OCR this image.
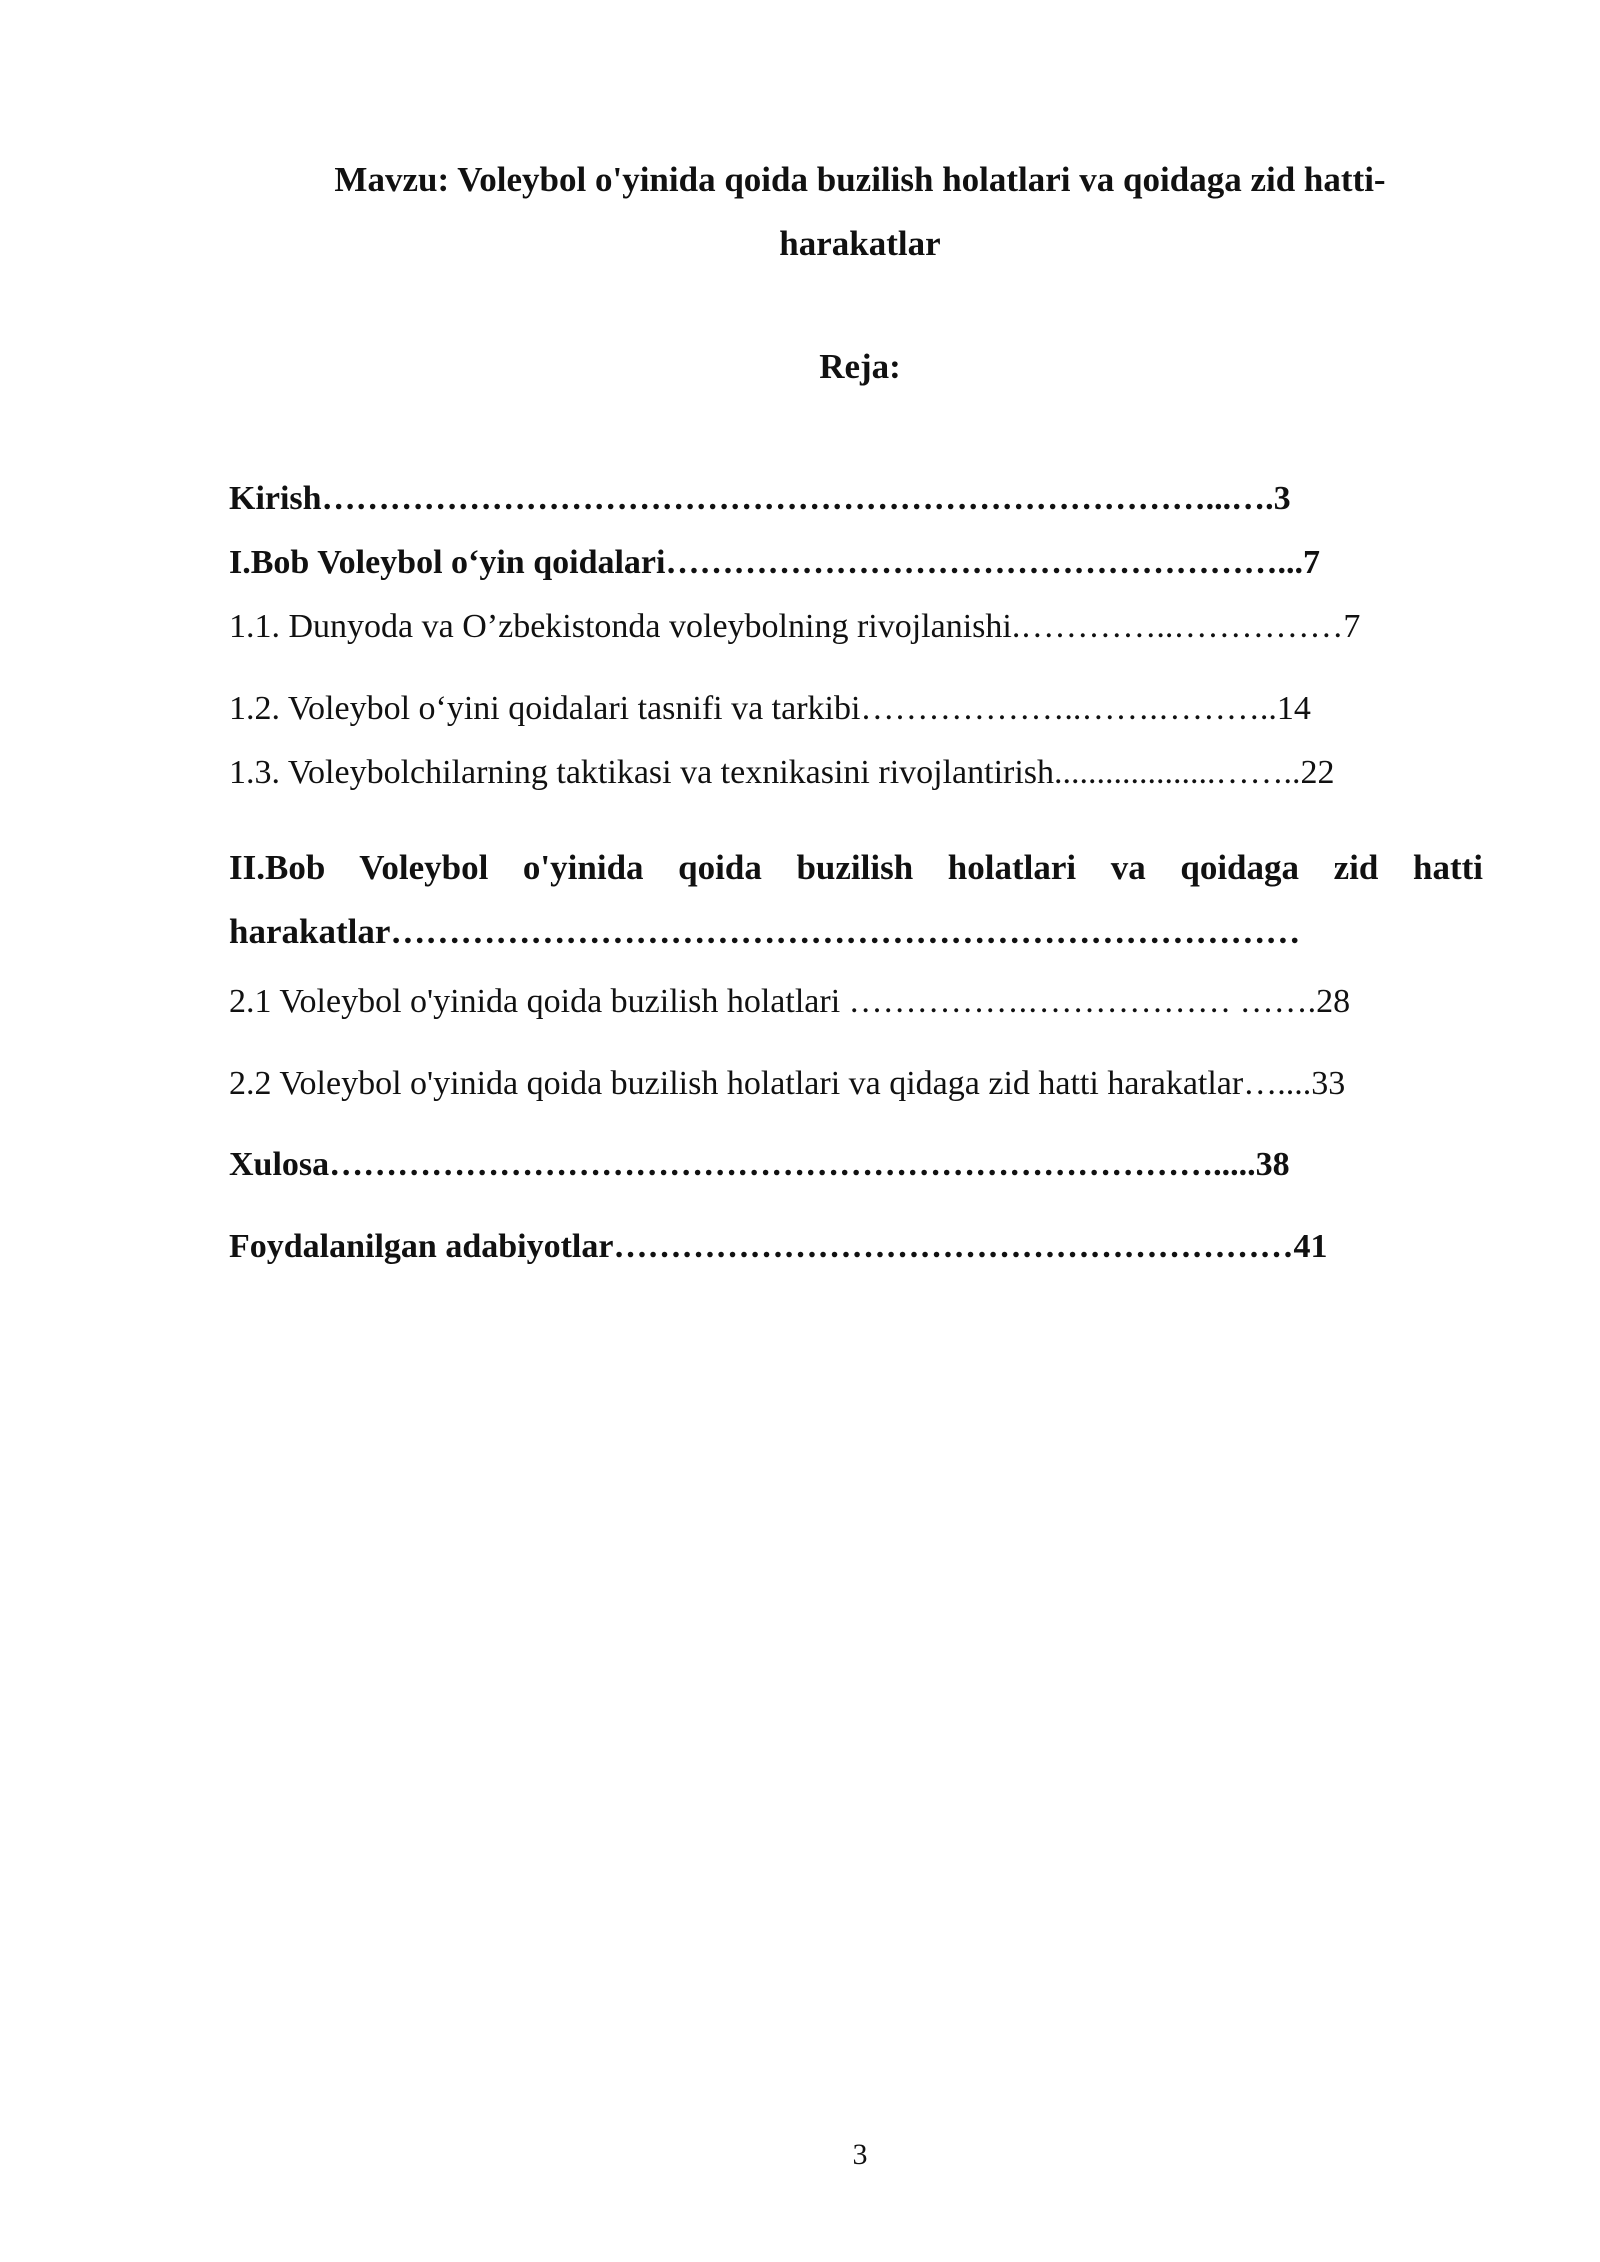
Mavzu: Voleybol o'yinida qoida buzilish holatlari va qoidaga zid hatti-harakatlar
Reja:
Kirish……………………………………………………………………...….3
I.Bob Voleybol o‘yin qoidalari………………………………………………...7
1.1. Dunyoda va O’zbekistonda voleybolning rivojlanishi.…………..……………7
1.2. Voleybol o‘yini qoidalari tasnifi va tarkibi………………..…….………..14
1.3. Voleybolchilarning taktikasi va texnikasini rivojlantirish...................……..22
II.Bob Voleybol o'yinida qoida buzilish holatlari va qoidaga zid hatti
harakatlar……………………………………………………………………
2.1 Voleybol o'yinida qoida buzilish holatlari …………….……………… …….28
2.2 Voleybol o'yinida qoida buzilish holatlari va qidaga zid hatti harakatlar…....33
Xulosa…………………………………………………………………….....38
Foydalanilgan adabiyotlar……………………………………………………41
3
